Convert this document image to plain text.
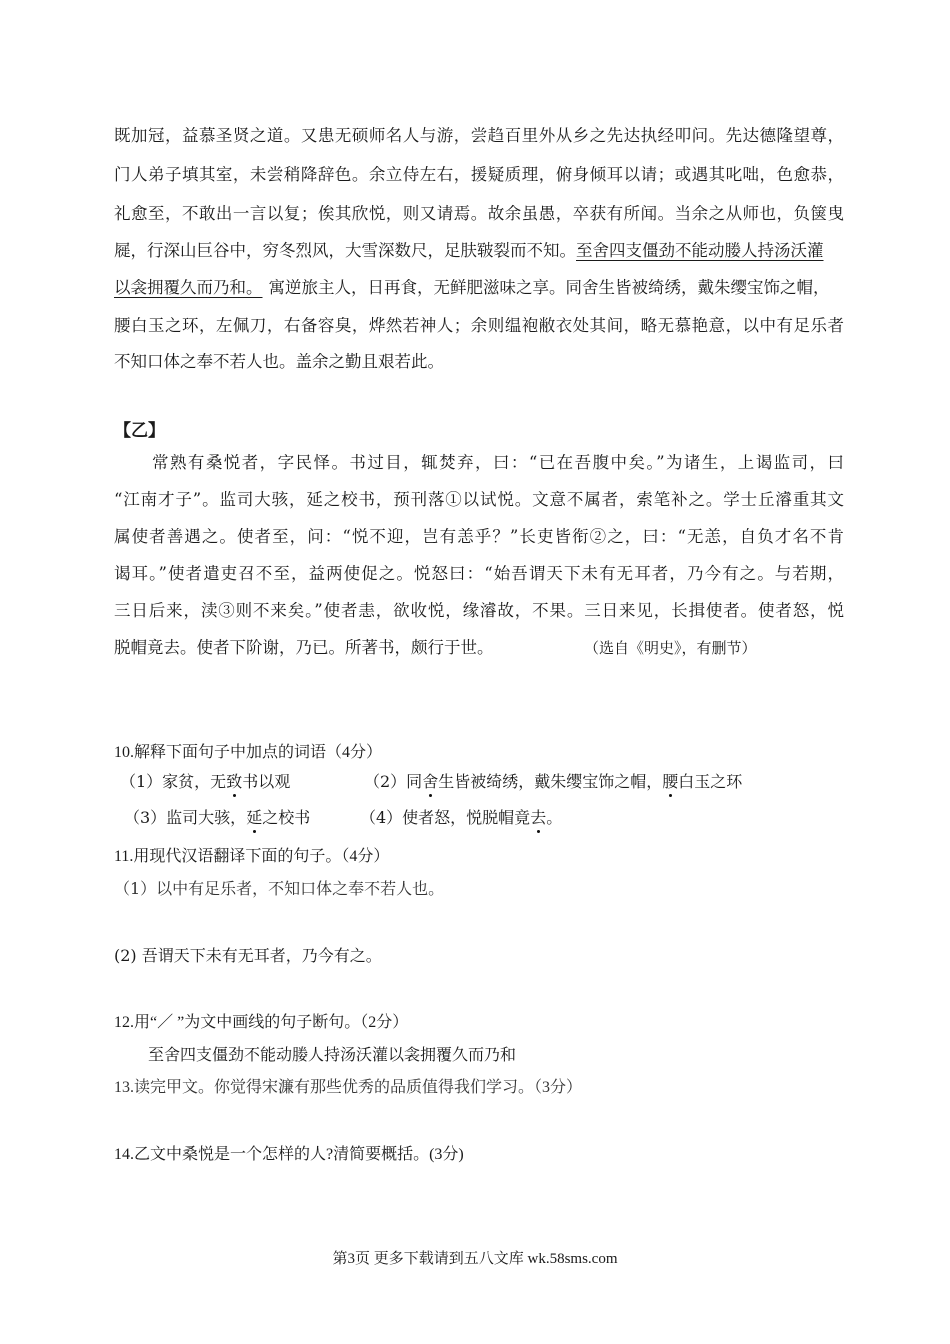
既加冠，益慕圣贤之道。又患无硕师名人与游，尝趋百里外从乡之先达执经叩问。先达德隆望尊，
门人弟子填其室，未尝稍降辞色。余立侍左右，援疑质理，俯身倾耳以请；或遇其叱咄，色愈恭，
礼愈至，不敢出一言以复；俟其欣悦，则又请焉。故余虽愚，卒获有所闻。当余之从师也，负箧曳
屣，行深山巨谷中，穷冬烈风，大雪深数尺，足肤皲裂而不知。至舍四支僵劲不能动媵人持汤沃灌
以衾拥覆久而乃和。 寓逆旅主人，日再食，无鲜肥滋味之享。同舍生皆被绮绣，戴朱缨宝饰之帽，
腰白玉之环，左佩刀，右备容臭，烨然若神人；余则缊袍敝衣处其间，略无慕艳意，以中有足乐者
不知口体之奉不若人也。盖余之勤且艰若此。
【乙】
常熟有桑悦者，字民怿。书过目，辄焚弃，曰：“已在吾腹中矣。”为诸生，上谒监司，曰
“江南才子”。监司大骇，延之校书，预刊落①以试悦。文意不属者，索笔补之。学士丘濬重其文
属使者善遇之。使者至，问：“悦不迎，岂有恙乎？”长吏皆衔②之，曰：“无恙，自负才名不肯
谒耳。”使者遣吏召不至，益两使促之。悦怒曰：“始吾谓天下未有无耳者，乃今有之。与若期，
三日后来，渎③则不来矣。”使者恚，欲收悦，缘濬故，不果。三日来见，长揖使者。使者怒，悦
脱帽竟去。使者下阶谢，乃已。所著书，颇行于世。	（选自《明史》，有删节）
10.解释下面句子中加点的词语（4分）
（1）家贫，无致书以观	（2）同舍生皆被绮绣，戴朱缨宝饰之帽，腰白玉之环
（3）监司大骇，延之校书	（4）使者怒，悦脱帽竟去。
11.用现代汉语翻译下面的句子。（4分）
（1）以中有足乐者，不知口体之奉不若人也。
(2) 吾谓天下未有无耳者，乃今有之。
12.用“／ ”为文中画线的句子断句。（2分）
至舍四支僵劲不能动媵人持汤沃灌以衾拥覆久而乃和
13.读完甲文。你觉得宋濂有那些优秀的品质值得我们学习。（3分）
14.乙文中桑悦是一个怎样的人?清简要概括。(3分)
第3页 更多下载请到五八文库 wk.58sms.com
